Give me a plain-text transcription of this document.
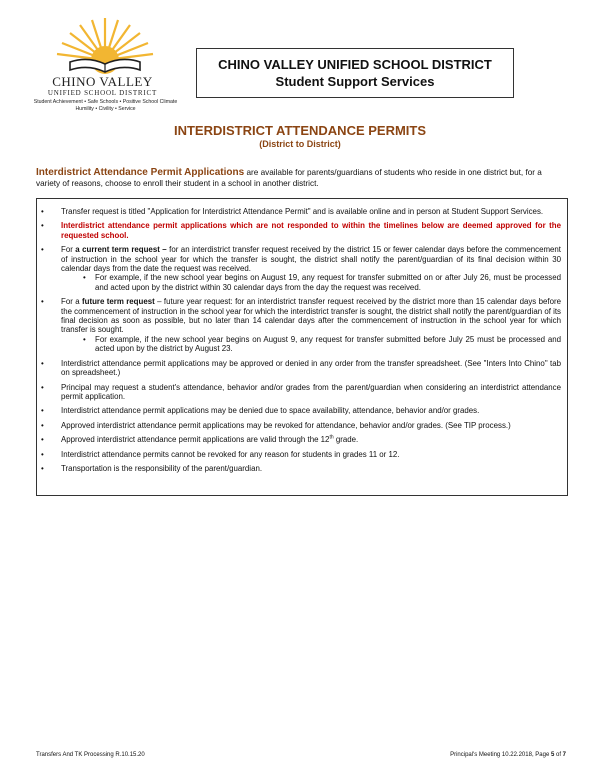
CHINO VALLEY
UNIFIED SCHOOL DISTRICT
Student Achievement • Safe Schools • Positive School Climate
Humility • Civility • Service
CHINO VALLEY UNIFIED SCHOOL DISTRICT
Student Support Services
INTERDISTRICT ATTENDANCE PERMITS
(District to District)
Interdistrict Attendance Permit Applications are available for parents/guardians of students who reside in one district but, for a variety of reasons, choose to enroll their student in a school in another district.
• Transfer request is titled "Application for Interdistrict Attendance Permit" and is available online and in person at Student Support Services.
• Interdistrict attendance permit applications which are not responded to within the timelines below are deemed approved for the requested school.
• For a current term request – for an interdistrict transfer request received by the district 15 or fewer calendar days before the commencement of instruction in the school year for which the transfer is sought, the district shall notify the parent/guardian of its final decision within 30 calendar days from the date the request was received.
• For example, if the new school year begins on August 19, any request for transfer submitted on or after July 26, must be processed and acted upon by the district within 30 calendar days from the day the request was received.
• For a future term request – future year request: for an interdistrict transfer request received by the district more than 15 calendar days before the commencement of instruction in the school year for which the interdistrict transfer is sought, the district shall notify the parent/guardian of its final decision as soon as possible, but no later than 14 calendar days after the commencement of instruction in the school year for which transfer is sought.
• For example, if the new school year begins on August 9, any request for transfer submitted before July 25 must be processed and acted upon by the district by August 23.
• Interdistrict attendance permit applications may be approved or denied in any order from the transfer spreadsheet. (See "Inters Into Chino" tab on spreadsheet.)
• Principal may request a student's attendance, behavior and/or grades from the parent/guardian when considering an interdistrict attendance permit application.
• Interdistrict attendance permit applications may be denied due to space availability, attendance, behavior and/or grades.
• Approved interdistrict attendance permit applications may be revoked for attendance, behavior and/or grades. (See TIP process.)
• Approved interdistrict attendance permit applications are valid through the 12th grade.
• Interdistrict attendance permits cannot be revoked for any reason for students in grades 11 or 12.
• Transportation is the responsibility of the parent/guardian.
Transfers And TK Processing R.10.15.20	Principal's Meeting 10.22.2018, Page 5 of 7
